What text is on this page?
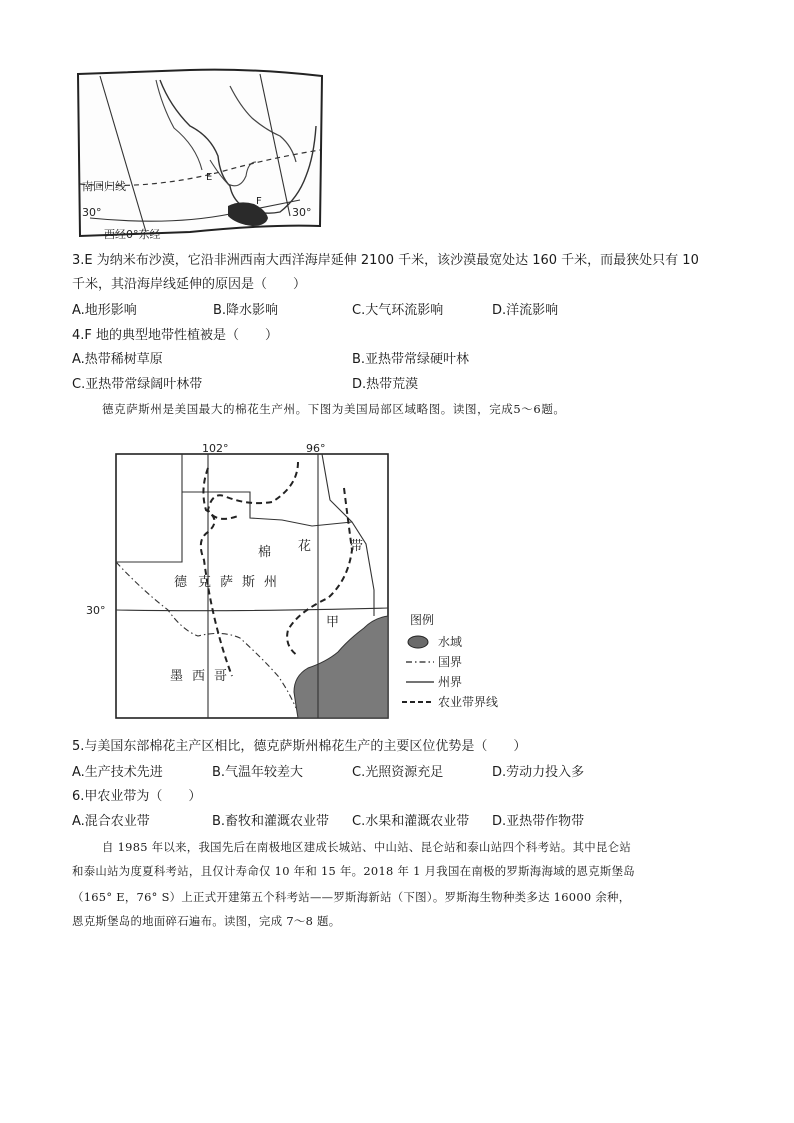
南回归线
30°	30°
西经0°东经
E
F
3.E 为纳米布沙漠，它沿非洲西南大西洋海岸延伸 2100 千米，该沙漠最宽处达 160 千米，而最狭处只有 10
千米，其沿海岸线延伸的原因是（　　）
A.地形影响	B.降水影响	C.大气环流影响	D.洋流影响
4.F 地的典型地带性植被是（　　）
A.热带稀树草原	B.亚热带常绿硬叶林
C.亚热带常绿阔叶林带	D.热带荒漠
德克萨斯州是美国最大的棉花生产州。下图为美国局部区域略图。读图，完成5～6题。
102°	96°
30°
棉 花	带
德 克 萨 斯 州
甲
墨 西 哥
图例
水域
国界
州界
农业带界线
5.与美国东部棉花主产区相比，德克萨斯州棉花生产的主要区位优势是（　　）
A.生产技术先进	B.气温年较差大	C.光照资源充足	D.劳动力投入多
6.甲农业带为（　　）
A.混合农业带	B.畜牧和灌溉农业带 C.水果和灌溉农业带 D.亚热带作物带
自 1985 年以来，我国先后在南极地区建成长城站、中山站、昆仑站和泰山站四个科考站。其中昆仑站
和泰山站为度夏科考站，且仅计寿命仅 10 年和 15 年。2018 年 1 月我国在南极的罗斯海海域的恩克斯堡岛
（165° E，76° S）上正式开建第五个科考站——罗斯海新站（下图）。罗斯海生物种类多达 16000 余种，
恩克斯堡岛的地面碎石遍布。读图，完成 7～8 题。
